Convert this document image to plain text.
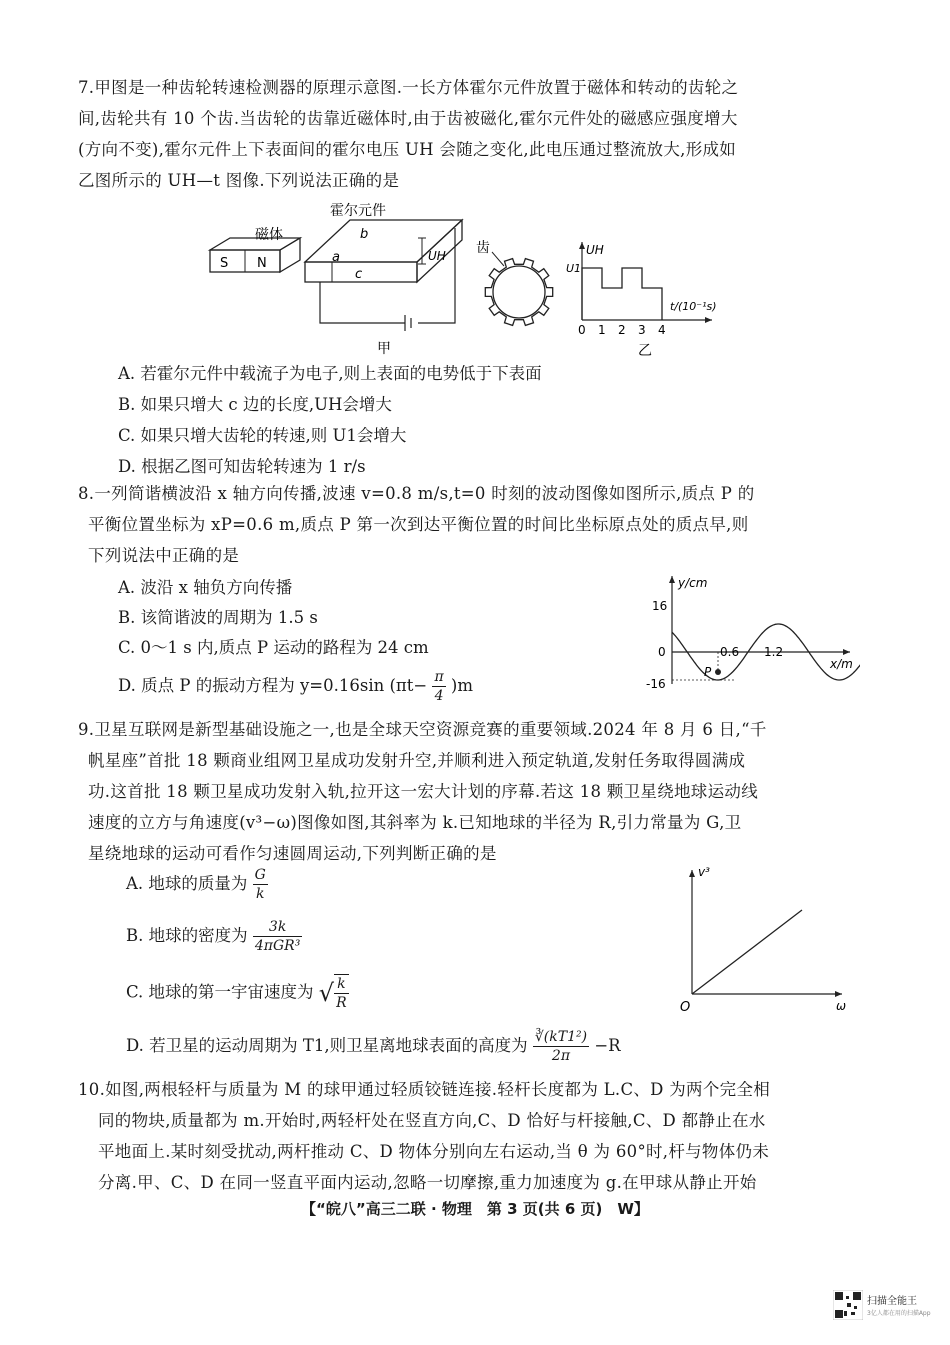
7.甲图是一种齿轮转速检测器的原理示意图.一长方体霍尔元件放置于磁体和转动的齿轮之
间,齿轮共有 10 个齿.当齿轮的齿靠近磁体时,由于齿被磁化,霍尔元件处的磁感应强度增大
(方向不变),霍尔元件上下表面间的霍尔电压 UH 会随之变化,此电压通过整流放大,形成如
乙图所示的 UH—t 图像.下列说法正确的是
霍尔元件
S N
磁体
a
b
c
UH
甲
齿	UH
U1
t/(10⁻¹s)
0 1 2 3 4
乙
A. 若霍尔元件中载流子为电子,则上表面的电势低于下表面
B. 如果只增大 c 边的长度,UH会增大
C. 如果只增大齿轮的转速,则 U1会增大
D. 根据乙图可知齿轮转速为 1 r/s
8.一列简谐横波沿 x 轴方向传播,波速 v=0.8 m/s,t=0 时刻的波动图像如图所示,质点 P 的
平衡位置坐标为 xP=0.6 m,质点 P 第一次到达平衡位置的时间比坐标原点处的质点早,则
下列说法中正确的是
A. 波沿 x 轴负方向传播
B. 该简谐波的周期为 1.5 s
C. 0～1 s 内,质点 P 运动的路程为 24 cm
D. 质点 P 的振动方程为 y=0.16sin $(\pi t- \frac{\pi}{4} )m$
y/cm
x/m
16
-16
0	0.6 1.2
P
9.卫星互联网是新型基础设施之一,也是全球天空资源竞赛的重要领域.2024 年 8 月 6 日,“千
帆星座”首批 18 颗商业组网卫星成功发射升空,并顺利进入预定轨道,发射任务取得圆满成
功.这首批 18 颗卫星成功发射入轨,拉开这一宏大计划的序幕.若这 18 颗卫星绕地球运动线
速度的立方与角速度(v³−ω)图像如图,其斜率为 k.已知地球的半径为 R,引力常量为 G,卫
星绕地球的运动可看作匀速圆周运动,下列判断正确的是
A. 地球的质量为 $\frac{G}{k}$
B. 地球的密度为 $\frac{3k}{\text{4πGR³}}$
C. 地球的第一宇宙速度为 √ $\frac{k}{R}$
D. 若卫星的运动周期为 T1,则卫星离地球表面的高度为 $\frac{\text{∛(kT1²)}}{2\pi} -R$
v³
ω
O
10.如图,两根轻杆与质量为 M 的球甲通过轻质铰链连接.轻杆长度都为 L.C、D 为两个完全相
同的物块,质量都为 m.开始时,两轻杆处在竖直方向,C、D 恰好与杆接触,C、D 都静止在水
平地面上.某时刻受扰动,两杆推动 C、D 物体分别向左右运动,当 θ 为 60°时,杆与物体仍未
分离.甲、C、D 在同一竖直平面内运动,忽略一切摩擦,重力加速度为 g.在甲球从静止开始
【“皖八”高三二联 · 物理　第 3 页(共 6 页)　W】
扫描全能王
3亿人都在用的扫描App
